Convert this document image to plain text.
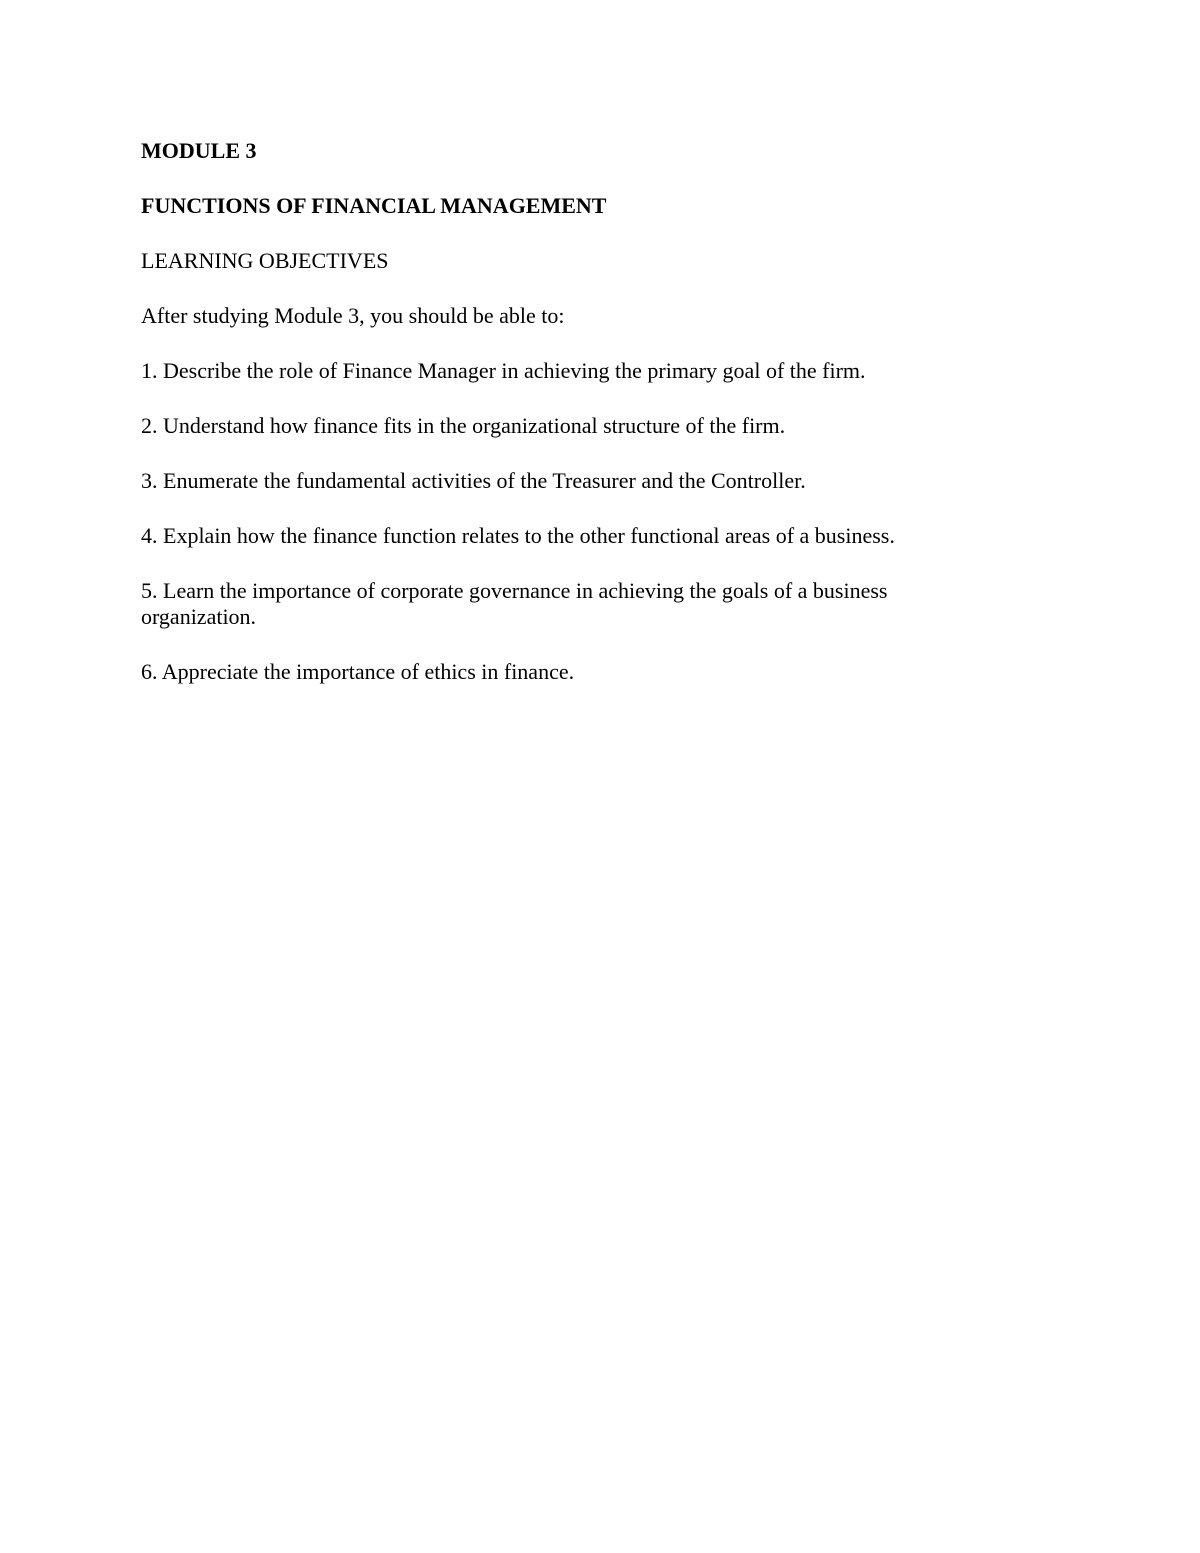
MODULE 3

FUNCTIONS OF FINANCIAL MANAGEMENT

LEARNING OBJECTIVES

After studying Module 3, you should be able to:

1. Describe the role of Finance Manager in achieving the primary goal of the firm.
2. Understand how finance fits in the organizational structure of the firm.
3. Enumerate the fundamental activities of the Treasurer and the Controller.
4. Explain how the finance function relates to the other functional areas of a business.
5. Learn the importance of corporate governance in achieving the goals of a business organization.
6. Appreciate the importance of ethics in finance.
